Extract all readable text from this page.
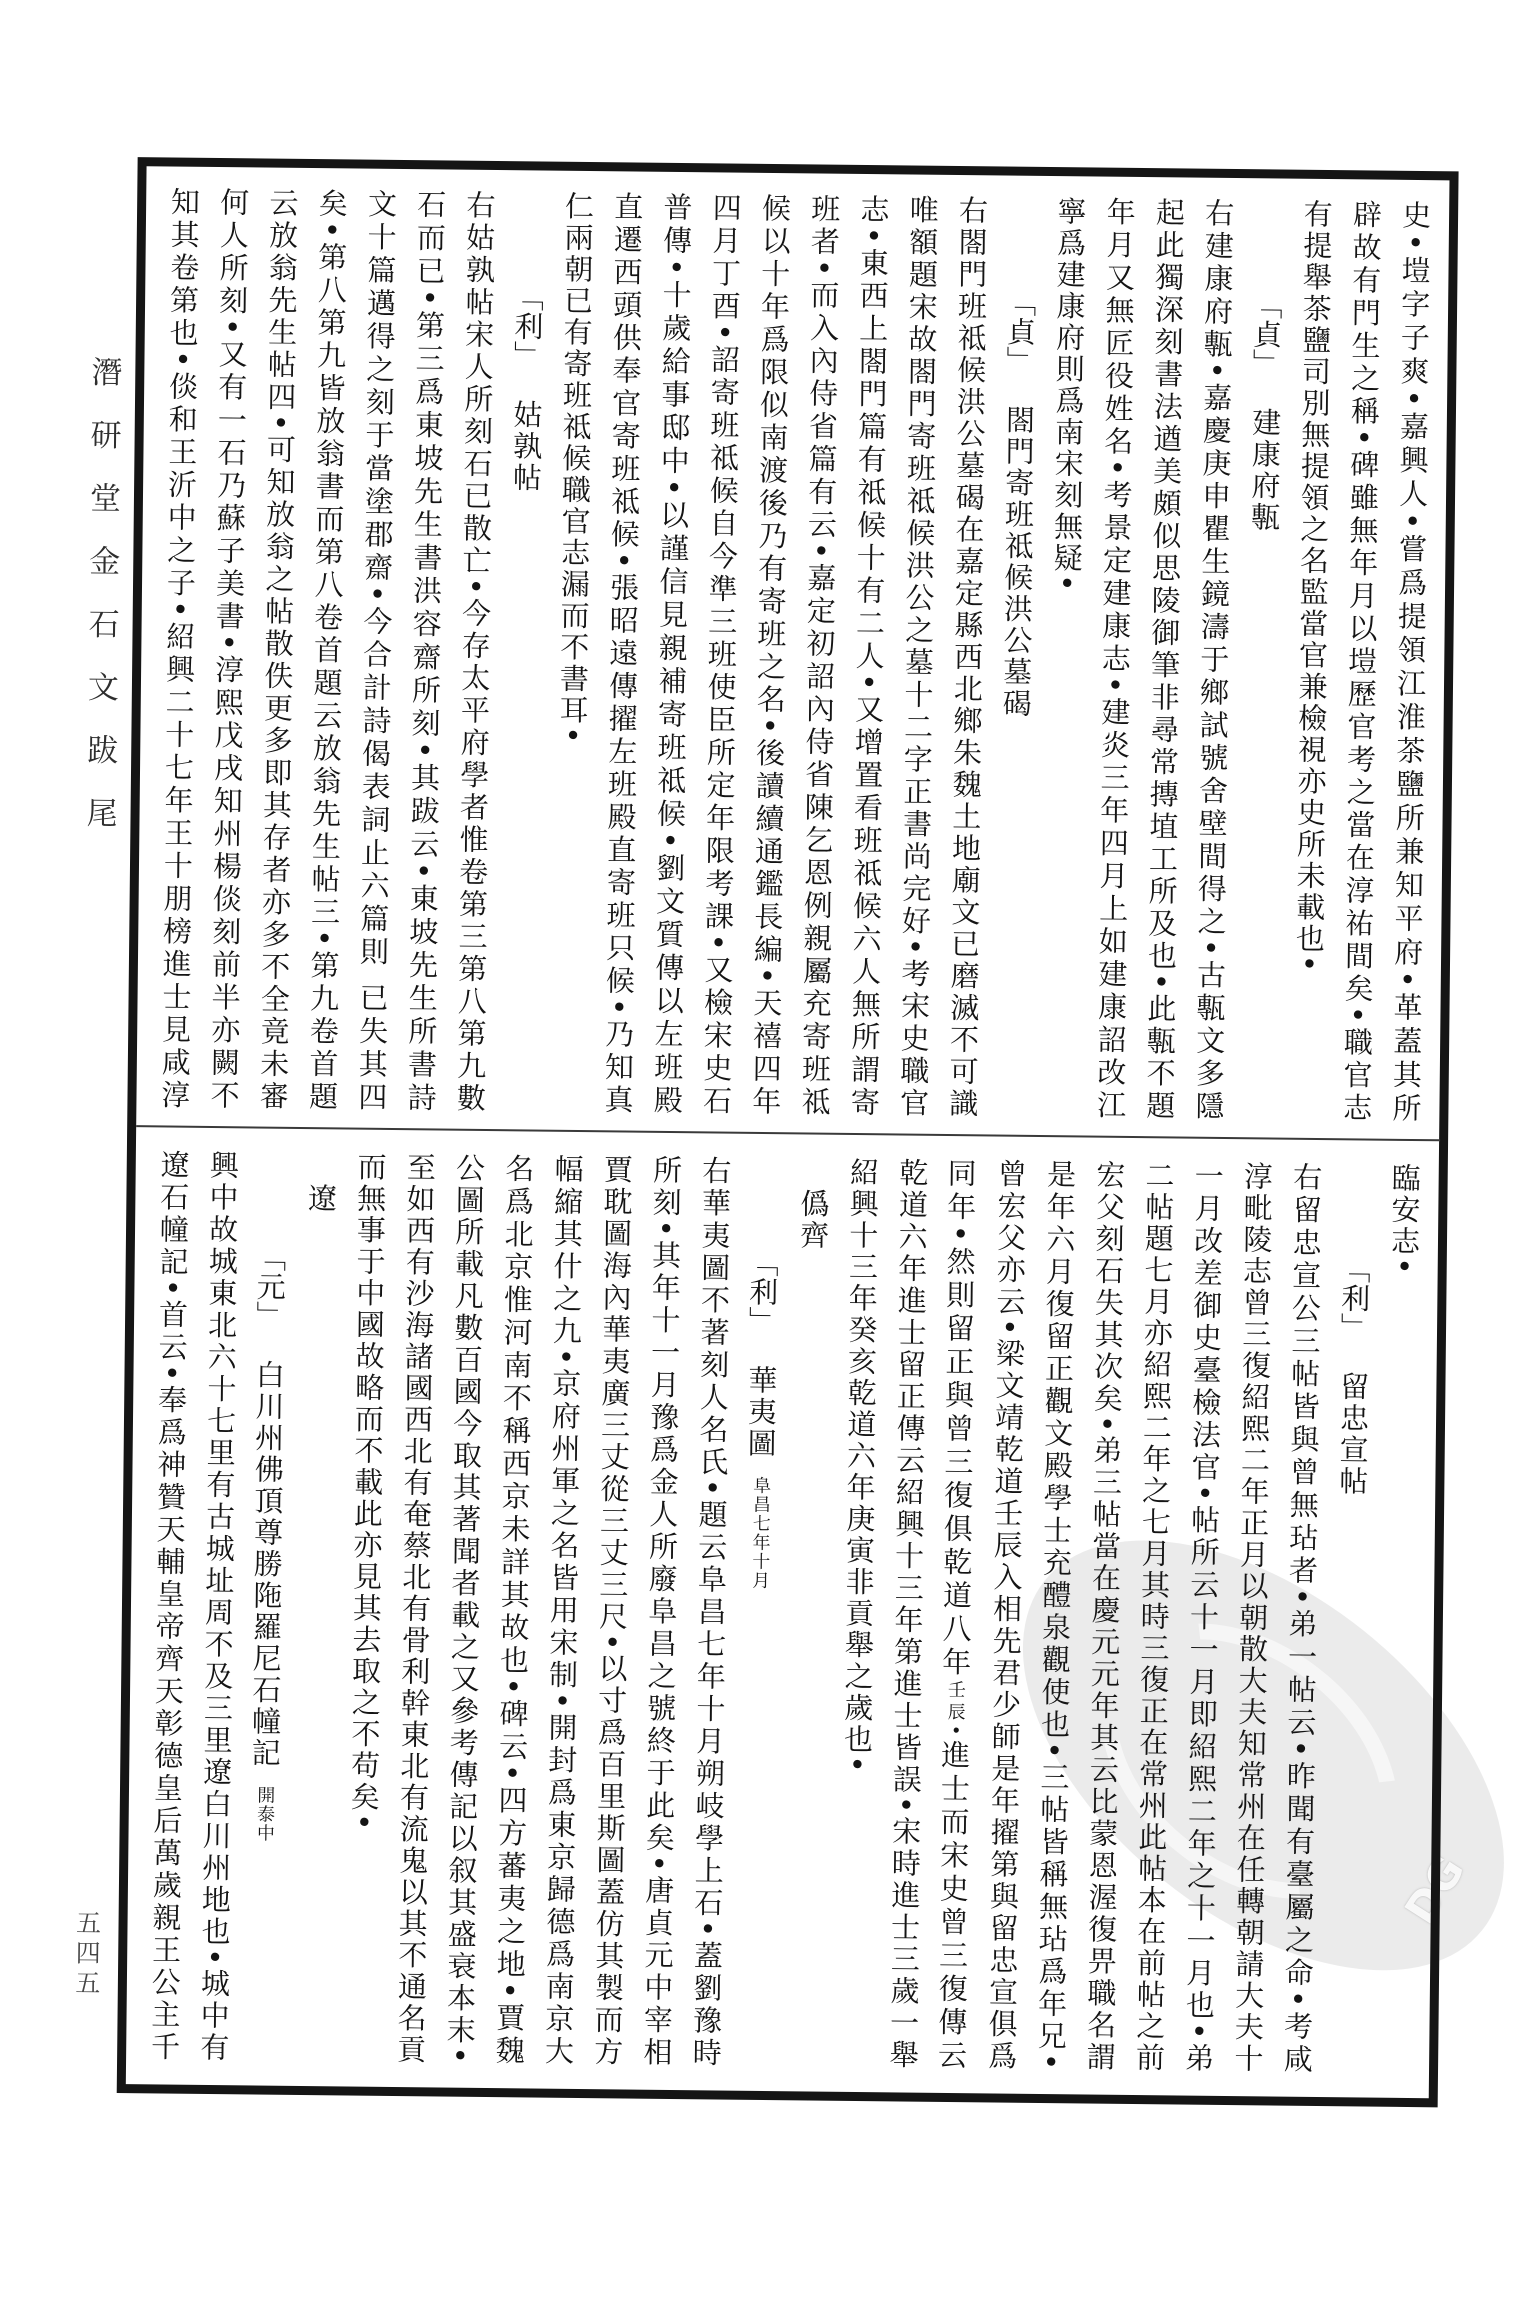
潛研堂金石文跋尾
五四五
DG
史•塏字子爽•嘉興人•嘗爲提領江淮茶鹽所兼知平府•革蓋其所
辟故有門生之稱•碑雖無年月以塏歷官考之當在淳祐間矣•職官志
有提舉茶鹽司別無提領之名監當官兼檢視亦史所未載也•
「貞」建康府甎
右建康府甎•嘉慶庚申瞿生鏡濤于鄉試號舍壁間得之•古甎文多隱
起此獨深刻書法遒美頗似思陵御筆非尋常摶埴工所及也•此甎不題
年月又無匠役姓名•考景定建康志•建炎三年四月上如建康詔改江
寧爲建康府則爲南宋刻無疑•
「貞」閤門寄班祗候洪公墓碣
右閤門班祗候洪公墓碣在嘉定縣西北鄉朱魏土地廟文已磨滅不可識
唯額題宋故閤門寄班祗候洪公之墓十二字正書尚完好•考宋史職官
志•東西上閤門篇有祗候十有二人•又增置看班祗候六人無所謂寄
班者•而入內侍省篇有云•嘉定初詔內侍省陳乞恩例親屬充寄班祗
候以十年爲限似南渡後乃有寄班之名•後讀續通鑑長編•天禧四年
四月丁酉•詔寄班祗候自今準三班使臣所定年限考課•又檢宋史石
普傳•十歲給事邸中•以謹信見親補寄班祗候•劉文質傳以左班殿
直遷西頭供奉官寄班祗候•張昭遠傳擢左班殿直寄班只候•乃知真
仁兩朝已有寄班祗候職官志漏而不書耳•
「利」姑孰帖
右姑孰帖宋人所刻石已散亡•今存太平府學者惟卷第三第八第九數
石而已•第三爲東坡先生書洪容齋所刻•其跋云•東坡先生所書詩
文十篇邁得之刻于當塗郡齋•今合計詩偈表詞止六篇則 已失其四
矣•第八第九皆放翁書而第八卷首題云放翁先生帖三•第九卷首題
云放翁先生帖四•可知放翁之帖散佚更多即其存者亦多不全竟未審
何人所刻•又有一石乃蘇子美書•淳熙戊戌知州楊倓刻前半亦闕不
知其卷第也•倓和王沂中之子•紹興二十七年王十朋榜進士見咸淳
臨安志•
「利」留忠宣帖
右留忠宣公三帖皆與曾無玷者•弟一帖云•昨聞有臺屬之命•考咸
淳毗陵志曾三復紹熙二年正月以朝散大夫知常州在任轉朝請大夫十
一月改差御史臺檢法官•帖所云十一月即紹熙二年之十一月也•弟
二帖題七月亦紹熙二年之七月其時三復正在常州此帖本在前帖之前
宏父刻石失其次矣•弟三帖當在慶元元年其云比蒙恩渥復畀職名謂
是年六月復留正觀文殿學士充醴泉觀使也•三帖皆稱無玷爲年兄•
曾宏父亦云•梁文靖乾道壬辰入相先君少師是年擢第與留忠宣俱爲
同年•然則留正與曾三復俱乾道八年壬辰•進士而宋史曾三復傳云
乾道六年進士留正傳云紹興十三年第進士皆誤•宋時進士三歲一舉
紹興十三年癸亥乾道六年庚寅非貢舉之歲也•
僞齊
「利」華夷圖阜昌七年十月
右華夷圖不著刻人名氏•題云阜昌七年十月朔岐學上石•蓋劉豫時
所刻•其年十一月豫爲金人所廢阜昌之號終于此矣•唐貞元中宰相
賈耽圖海內華夷廣三丈從三丈三尺•以寸爲百里斯圖蓋仿其製而方
幅縮其什之九•京府州軍之名皆用宋制•開封爲東京歸德爲南京大
名爲北京惟河南不稱西京未詳其故也•碑云•四方蕃夷之地•賈魏
公圖所載凡數百國今取其著聞者載之又參考傳記以叙其盛衰本末•
至如西有沙海諸國西北有奄蔡北有骨利幹東北有流鬼以其不通名貢
而無事于中國故略而不載此亦見其去取之不苟矣•
遼
「元」白川州佛頂尊勝陁羅尼石幢記開泰中
興中故城東北六十七里有古城址周不及三里遼白川州地也•城中有
遼石幢記•首云•奉爲神贊天輔皇帝齊天彰德皇后萬歲親王公主千
